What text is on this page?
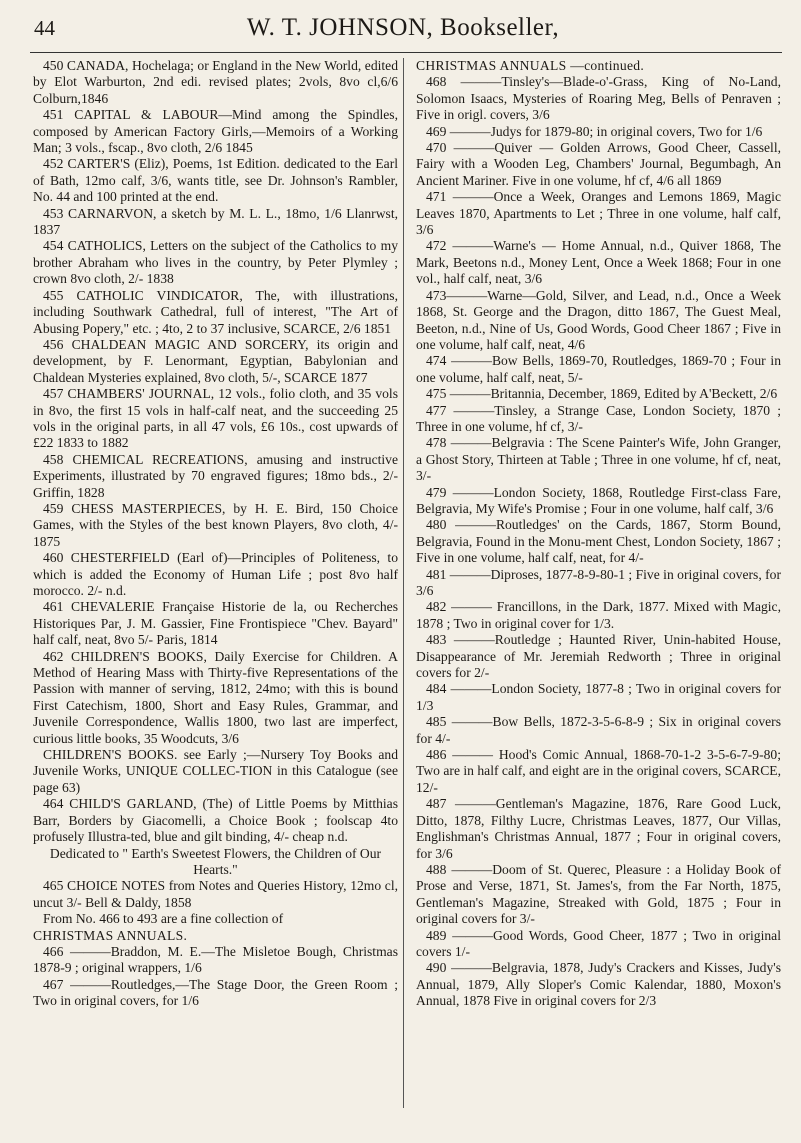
44	W. T. JOHNSON, Bookseller,

450 CANADA, Hochelaga; or England in the New World, edited by Elot Warburton, 2nd edi. revised plates; 2vols, 8vo cl,6/6 Colburn,1846

451 CAPITAL & LABOUR—Mind among the Spindles, composed by American Factory Girls,—Memoirs of a Working Man; 3 vols., fscap., 8vo cloth, 2/6 1845

452 CARTER'S (Eliz), Poems, 1st Edition. dedicated to the Earl of Bath, 12mo calf, 3/6, wants title, see Dr. Johnson's Rambler, No. 44 and 100 printed at the end.

453 CARNARVON, a sketch by M. L. L., 18mo, 1/6 Llanrwst, 1837

454 CATHOLICS, Letters on the subject of the Catholics to my brother Abraham who lives in the country, by Peter Plymley ; crown 8vo cloth, 2/- 1838

455 CATHOLIC VINDICATOR, The, with illustrations, including Southwark Cathedral, full of interest, "The Art of Abusing Popery," etc. ; 4to, 2 to 37 inclusive, SCARCE, 2/6 1851

456 CHALDEAN MAGIC AND SORCERY, its origin and development, by F. Lenormant, Egyptian, Babylonian and Chaldean Mysteries explained, 8vo cloth, 5/-, SCARCE 1877

457 CHAMBERS' JOURNAL, 12 vols., folio cloth, and 35 vols in 8vo, the first 15 vols in half-calf neat, and the succeeding 25 vols in the original parts, in all 47 vols, £6 10s., cost upwards of £22 1833 to 1882

458 CHEMICAL RECREATIONS, amusing and instructive Experiments, illustrated by 70 engraved figures; 18mo bds., 2/- Griffin, 1828

459 CHESS MASTERPIECES, by H. E. Bird, 150 Choice Games, with the Styles of the best known Players, 8vo cloth, 4/- 1875

460 CHESTERFIELD (Earl of)—Principles of Politeness, to which is added the Economy of Human Life ; post 8vo half morocco. 2/- n.d.

461 CHEVALERIE Française Historie de la, ou Recherches Historiques Par, J. M. Gassier, Fine Frontispiece "Chev. Bayard" half calf, neat, 8vo 5/- Paris, 1814

462 CHILDREN'S BOOKS, Daily Exercise for Children. A Method of Hearing Mass with Thirty-five Representations of the Passion with manner of serving, 1812, 24mo; with this is bound First Catechism, 1800, Short and Easy Rules, Grammar, and Juvenile Correspondence, Wallis 1800, two last are imperfect, curious little books, 35 Woodcuts, 3/6

CHILDREN'S BOOKS. see Early ;—Nursery Toy Books and Juvenile Works, UNIQUE COLLEC-TION in this Catalogue (see page 63)

464 CHILD'S GARLAND, (The) of Little Poems by Mitthias Barr, Borders by Giacomelli, a Choice Book ; foolscap 4to profusely Illustra-ted, blue and gilt binding, 4/- cheap n.d.

Dedicated to " Earth's Sweetest Flowers, the Children of Our Hearts."

465 CHOICE NOTES from Notes and Queries History, 12mo cl, uncut 3/- Bell & Daldy, 1858

From No. 466 to 493 are a fine collection of

CHRISTMAS ANNUALS.

466 ———Braddon, M. E.—The Misletoe Bough, Christmas 1878-9 ; original wrappers, 1/6

467 ———Routledges,—The Stage Door, the Green Room ; Two in original covers, for 1/6

CHRISTMAS ANNUALS —continued.

468 ———Tinsley's—Blade-o'-Grass, King of No-Land, Solomon Isaacs, Mysteries of Roaring Meg, Bells of Penraven ; Five in origl. covers, 3/6

469 ———Judys for 1879-80; in original covers, Two for 1/6

470 ———Quiver — Golden Arrows, Good Cheer, Cassell, Fairy with a Wooden Leg, Chambers' Journal, Begumbagh, An Ancient Mariner. Five in one volume, hf cf, 4/6 all 1869

471 ———Once a Week, Oranges and Lemons 1869, Magic Leaves 1870, Apartments to Let ; Three in one volume, half calf, 3/6

472 ———Warne's — Home Annual, n.d., Quiver 1868, The Mark, Beetons n.d., Money Lent, Once a Week 1868; Four in one vol., half calf, neat, 3/6

473———Warne—Gold, Silver, and Lead, n.d., Once a Week 1868, St. George and the Dragon, ditto 1867, The Guest Meal, Beeton, n.d., Nine of Us, Good Words, Good Cheer 1867 ; Five in one volume, half calf, neat, 4/6

474 ———Bow Bells, 1869-70, Routledges, 1869-70 ; Four in one volume, half calf, neat, 5/-

475 ———Britannia, December, 1869, Edited by A'Beckett, 2/6

477 ———Tinsley, a Strange Case, London Society, 1870 ; Three in one volume, hf cf, 3/-

478 ———Belgravia : The Scene Painter's Wife, John Granger, a Ghost Story, Thirteen at Table ; Three in one volume, hf cf, neat, 3/-

479 ———London Society, 1868, Routledge First-class Fare, Belgravia, My Wife's Promise ; Four in one volume, half calf, 3/6

480 ———Routledges' on the Cards, 1867, Storm Bound, Belgravia, Found in the Monu-ment Chest, London Society, 1867 ; Five in one volume, half calf, neat, for 4/-

481 ———Diproses, 1877-8-9-80-1 ; Five in original covers, for 3/6

482 ——— Francillons, in the Dark, 1877. Mixed with Magic, 1878 ; Two in original cover for 1/3.

483 ———Routledge ; Haunted River, Unin-habited House, Disappearance of Mr. Jeremiah Redworth ; Three in original covers for 2/-

484 ———London Society, 1877-8 ; Two in original covers for 1/3

485 ———Bow Bells, 1872-3-5-6-8-9 ; Six in original covers for 4/-

486 ——— Hood's Comic Annual, 1868-70-1-2 3-5-6-7-9-80; Two are in half calf, and eight are in the original covers, SCARCE, 12/-

487 ———Gentleman's Magazine, 1876, Rare Good Luck, Ditto, 1878, Filthy Lucre, Christmas Leaves, 1877, Our Villas, Englishman's Christmas Annual, 1877 ; Four in original covers, for 3/6

488 ———Doom of St. Querec, Pleasure : a Holiday Book of Prose and Verse, 1871, St. James's, from the Far North, 1875, Gentleman's Magazine, Streaked with Gold, 1875 ; Four in original covers for 3/-

489 ———Good Words, Good Cheer, 1877 ; Two in original covers 1/-

490 ———Belgravia, 1878, Judy's Crackers and Kisses, Judy's Annual, 1879, Ally Sloper's Comic Kalendar, 1880, Moxon's Annual, 1878 Five in original covers for 2/3
